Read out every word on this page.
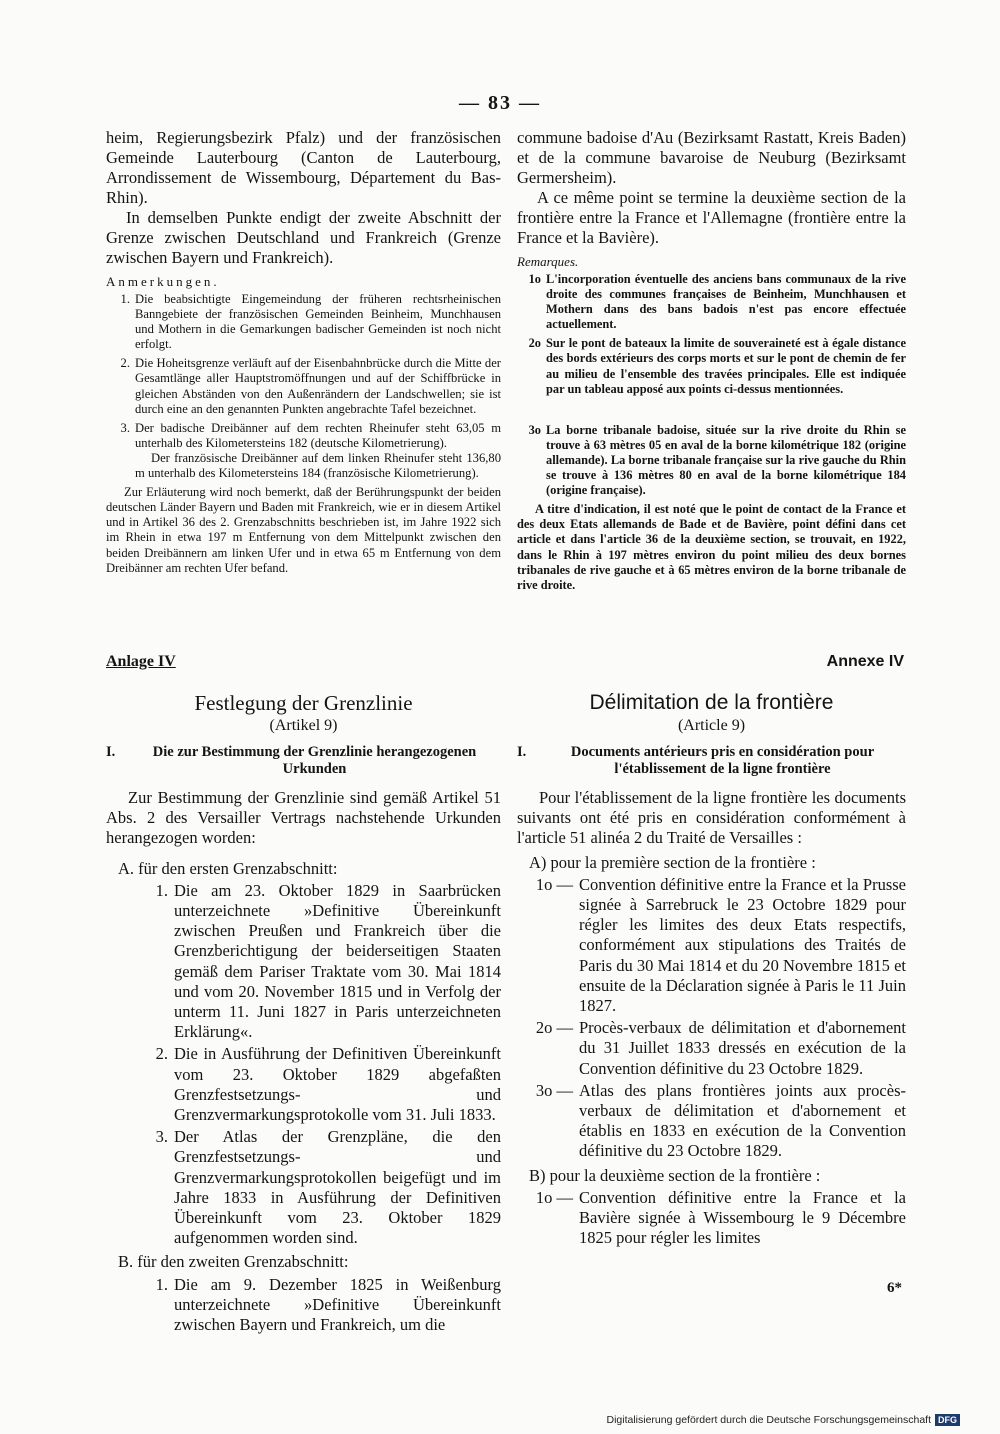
— 83 —

heim, Regierungsbezirk Pfalz) und der französischen Gemeinde Lauterbourg (Canton de Lauterbourg, Arrondissement de Wissembourg, Département du Bas-Rhin).

In demselben Punkte endigt der zweite Abschnitt der Grenze zwischen Deutschland und Frankreich (Grenze zwischen Bayern und Frankreich).

Anmerkungen.
1. Die beabsichtigte Eingemeindung der früheren rechtsrheinischen Banngebiete der französischen Gemeinden Beinheim, Munchhausen und Mothern in die Gemarkungen badischer Gemeinden ist noch nicht erfolgt.
2. Die Hoheitsgrenze verläuft auf der Eisenbahnbrücke durch die Mitte der Gesamtlänge aller Hauptstromöffnungen und auf der Schiffbrücke in gleichen Abständen von den Außenrändern der Landschwellen; sie ist durch eine an den genannten Punkten angebrachte Tafel bezeichnet.
3. Der badische Dreibänner auf dem rechten Rheinufer steht 63,05 m unterhalb des Kilometersteins 182 (deutsche Kilometrierung).

Der französische Dreibänner auf dem linken Rheinufer steht 136,80 m unterhalb des Kilometersteins 184 (französische Kilometrierung).

Zur Erläuterung wird noch bemerkt, daß der Berührungspunkt der beiden deutschen Länder Bayern und Baden mit Frankreich, wie er in diesem Artikel und in Artikel 36 des 2. Grenzabschnitts beschrieben ist, im Jahre 1922 sich im Rhein in etwa 197 m Entfernung von dem Mittelpunkt zwischen den beiden Dreibännern am linken Ufer und in etwa 65 m Entfernung von dem Dreibänner am rechten Ufer befand.

commune badoise d'Au (Bezirksamt Rastatt, Kreis Baden) et de la commune bavaroise de Neuburg (Bezirksamt Germersheim).

A ce même point se termine la deuxième section de la frontière entre la France et l'Allemagne (frontière entre la France et la Bavière).

Remarques.
1o L'incorporation éventuelle des anciens bans communaux de la rive droite des communes françaises de Beinheim, Munchhausen et Mothern dans des bans badois n'est pas encore effectuée actuellement.
2o Sur le pont de bateaux la limite de souveraineté est à égale distance des bords extérieurs des corps morts et sur le pont de chemin de fer au milieu de l'ensemble des travées principales. Elle est indiquée par un tableau apposé aux points ci-dessus mentionnées.
3o La borne tribanale badoise, située sur la rive droite du Rhin se trouve à 63 mètres 05 en aval de la borne kilométrique 182 (origine allemande). La borne tribanale française sur la rive gauche du Rhin se trouve à 136 mètres 80 en aval de la borne kilométrique 184 (origine française).

A titre d'indication, il est noté que le point de contact de la France et des deux Etats allemands de Bade et de Bavière, point défini dans cet article et dans l'article 36 de la deuxième section, se trouvait, en 1922, dans le Rhin à 197 mètres environ du point milieu des deux bornes tribanales de rive gauche et à 65 mètres environ de la borne tribanale de rive droite.

Anlage IV	Annexe IV

Festlegung der Grenzlinie

(Artikel 9)

I.	Die zur Bestimmung der Grenzlinie herangezogenen Urkunden

Zur Bestimmung der Grenzlinie sind gemäß Artikel 51 Abs. 2 des Versailler Vertrags nachstehende Urkunden herangezogen worden:

A. für den ersten Grenzabschnitt:
1. Die am 23. Oktober 1829 in Saarbrücken unterzeichnete »Definitive Übereinkunft zwischen Preußen und Frankreich über die Grenzberichtigung der beiderseitigen Staaten gemäß dem Pariser Traktate vom 30. Mai 1814 und vom 20. November 1815 und in Verfolg der unterm 11. Juni 1827 in Paris unterzeichneten Erklärung«.
2. Die in Ausführung der Definitiven Übereinkunft vom 23. Oktober 1829 abgefaßten Grenzfestsetzungs- und Grenzvermarkungsprotokolle vom 31. Juli 1833.
3. Der Atlas der Grenzpläne, die den Grenzfestsetzungs- und Grenzvermarkungsprotokollen beigefügt und im Jahre 1833 in Ausführung der Definitiven Übereinkunft vom 23. Oktober 1829 aufgenommen worden sind.
B. für den zweiten Grenzabschnitt:
1. Die am 9. Dezember 1825 in Weißenburg unterzeichnete »Definitive Übereinkunft zwischen Bayern und Frankreich, um die

Délimitation de la frontière

(Article 9)

I.	Documents antérieurs pris en considération pour l'établissement de la ligne frontière

Pour l'établissement de la ligne frontière les documents suivants ont été pris en considération conformément à l'article 51 alinéa 2 du Traité de Versailles :

A) pour la première section de la frontière :
1o — Convention définitive entre la France et la Prusse signée à Sarrebruck le 23 Octobre 1829 pour régler les limites des deux Etats respectifs, conformément aux stipulations des Traités de Paris du 30 Mai 1814 et du 20 Novembre 1815 et ensuite de la Déclaration signée à Paris le 11 Juin 1827.
2o — Procès-verbaux de délimitation et d'abornement du 31 Juillet 1833 dressés en exécution de la Convention définitive du 23 Octobre 1829.
3o — Atlas des plans frontières joints aux procès-verbaux de délimitation et d'abornement et établis en 1833 en exécution de la Convention définitive du 23 Octobre 1829.
B) pour la deuxième section de la frontière :
1o — Convention définitive entre la France et la Bavière signée à Wissembourg le 9 Décembre 1825 pour régler les limites
6*
Digitalisierung gefördert durch die Deutsche Forschungsgemeinschaft DFG
